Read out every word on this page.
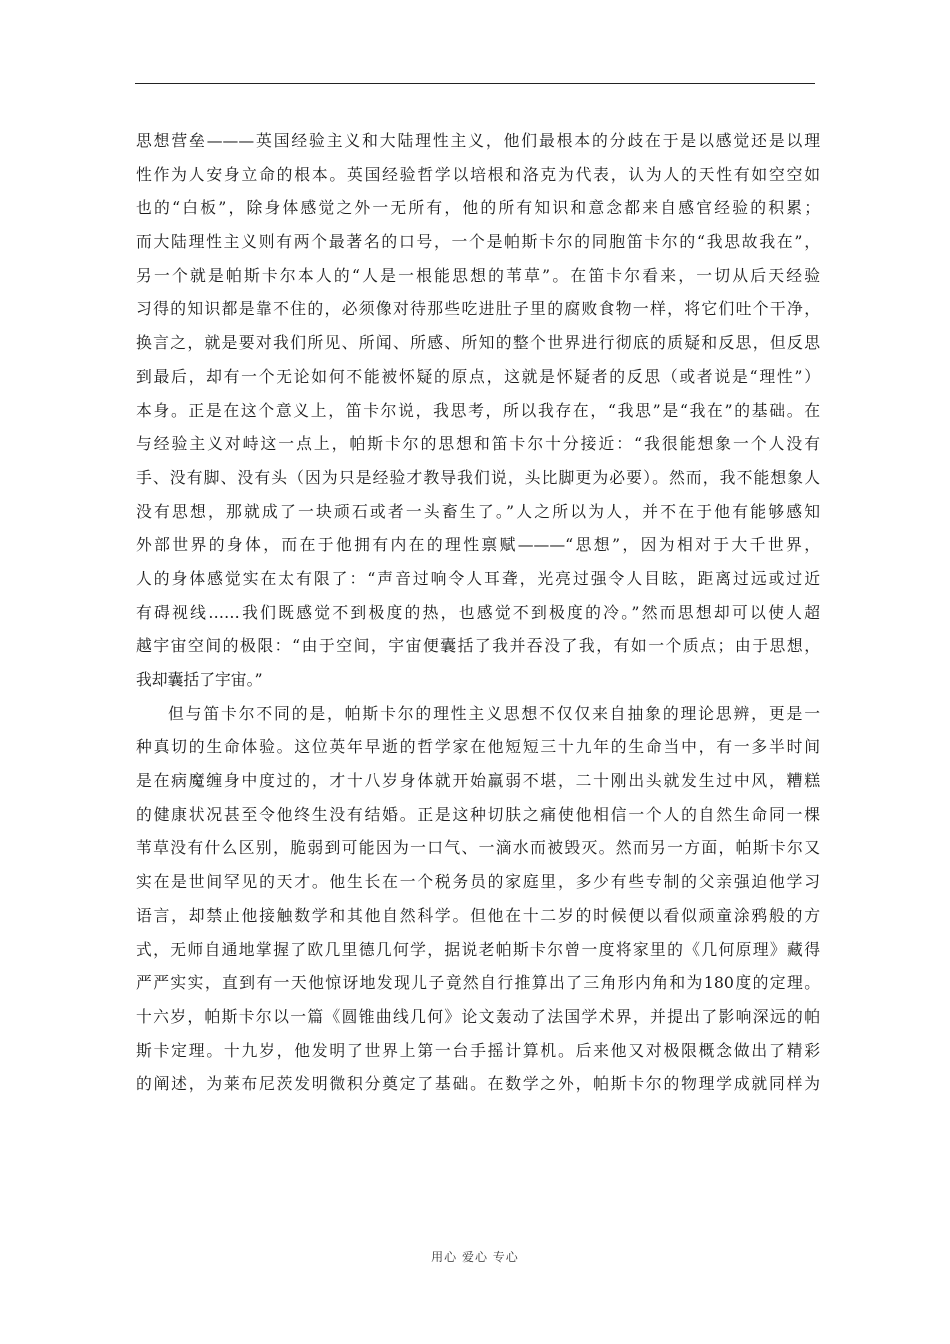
思想营垒———英国经验主义和大陆理性主义，他们最根本的分歧在于是以感觉还是以理
性作为人安身立命的根本。英国经验哲学以培根和洛克为代表，认为人的天性有如空空如
也的“白板”，除身体感觉之外一无所有，他的所有知识和意念都来自感官经验的积累；
而大陆理性主义则有两个最著名的口号，一个是帕斯卡尔的同胞笛卡尔的“我思故我在”，
另一个就是帕斯卡尔本人的“人是一根能思想的苇草”。在笛卡尔看来，一切从后天经验
习得的知识都是靠不住的，必须像对待那些吃进肚子里的腐败食物一样，将它们吐个干净，
换言之，就是要对我们所见、所闻、所感、所知的整个世界进行彻底的质疑和反思，但反思
到最后，却有一个无论如何不能被怀疑的原点，这就是怀疑者的反思（或者说是“理性”）
本身。正是在这个意义上，笛卡尔说，我思考，所以我存在，“我思”是“我在”的基础。在
与经验主义对峙这一点上，帕斯卡尔的思想和笛卡尔十分接近：“我很能想象一个人没有
手、没有脚、没有头（因为只是经验才教导我们说，头比脚更为必要）。然而，我不能想象人
没有思想，那就成了一块顽石或者一头畜生了。”人之所以为人，并不在于他有能够感知
外部世界的身体，而在于他拥有内在的理性禀赋———“思想”，因为相对于大千世界，
人的身体感觉实在太有限了：“声音过响令人耳聋，光亮过强令人目眩，距离过远或过近
有碍视线……我们既感觉不到极度的热，也感觉不到极度的冷。”然而思想却可以使人超
越宇宙空间的极限：“由于空间，宇宙便囊括了我并吞没了我，有如一个质点；由于思想，
我却囊括了宇宙。”
但与笛卡尔不同的是，帕斯卡尔的理性主义思想不仅仅来自抽象的理论思辨，更是一
种真切的生命体验。这位英年早逝的哲学家在他短短三十九年的生命当中，有一多半时间
是在病魔缠身中度过的，才十八岁身体就开始羸弱不堪，二十刚出头就发生过中风，糟糕
的健康状况甚至令他终生没有结婚。正是这种切肤之痛使他相信一个人的自然生命同一棵
苇草没有什么区别，脆弱到可能因为一口气、一滴水而被毁灭。然而另一方面，帕斯卡尔又
实在是世间罕见的天才。他生长在一个税务员的家庭里，多少有些专制的父亲强迫他学习
语言，却禁止他接触数学和其他自然科学。但他在十二岁的时候便以看似顽童涂鸦般的方
式，无师自通地掌握了欧几里德几何学，据说老帕斯卡尔曾一度将家里的《几何原理》藏得
严严实实，直到有一天他惊讶地发现儿子竟然自行推算出了三角形内角和为180度的定理。
十六岁，帕斯卡尔以一篇《圆锥曲线几何》论文轰动了法国学术界，并提出了影响深远的帕
斯卡定理。十九岁，他发明了世界上第一台手摇计算机。后来他又对极限概念做出了精彩
的阐述，为莱布尼茨发明微积分奠定了基础。在数学之外，帕斯卡尔的物理学成就同样为
用心 爱心 专心
